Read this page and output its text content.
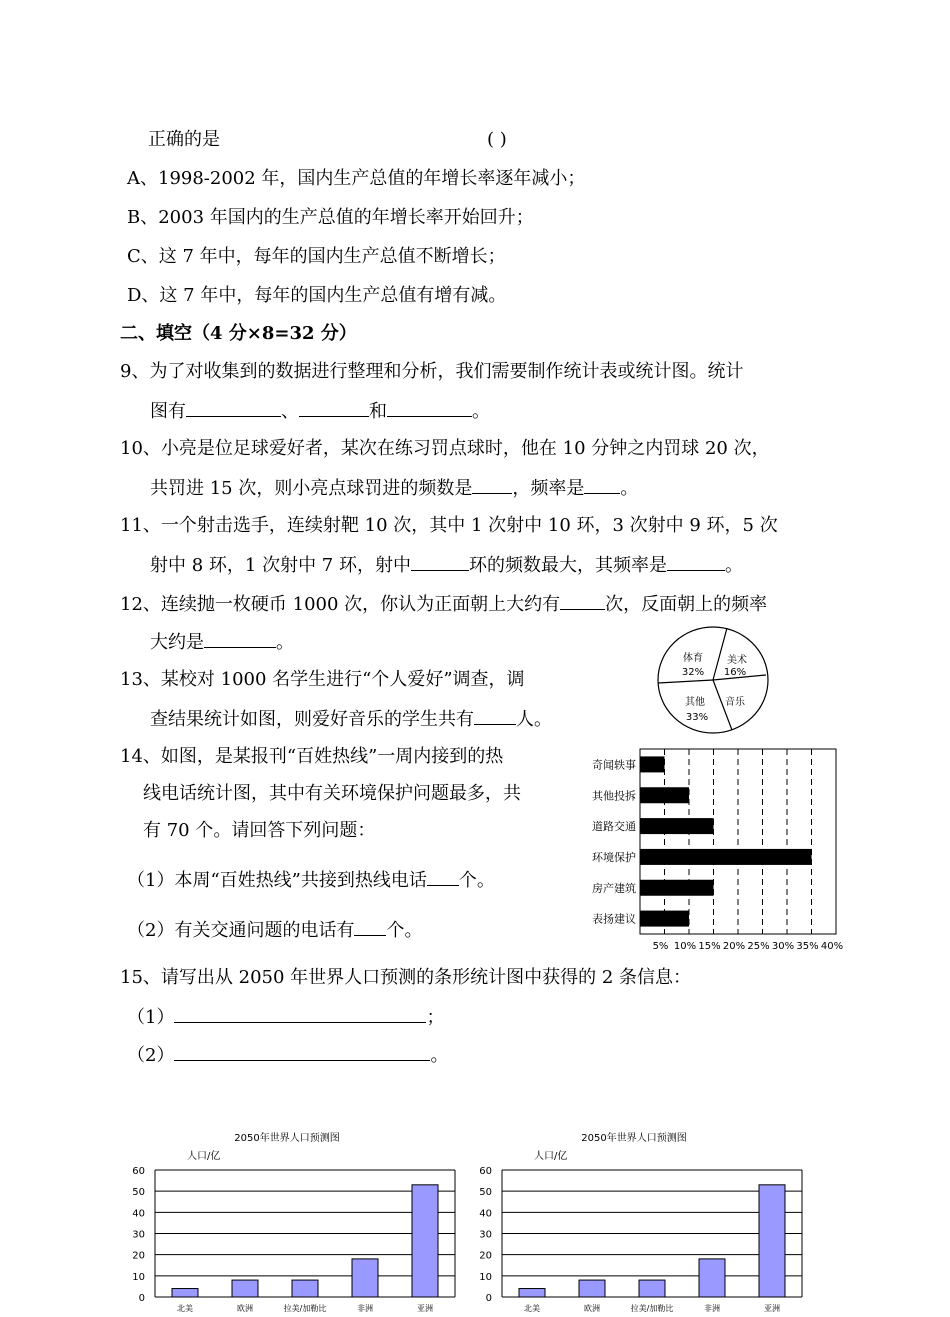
正确的是	( )
A、1998-2002 年，国内生产总值的年增长率逐年减小；
B、2003 年国内的生产总值的年增长率开始回升；
C、这 7 年中，每年的国内生产总值不断增长；
D、这 7 年中，每年的国内生产总值有增有减。
二、填空（4 分×8=32 分）
9、为了对收集到的数据进行整理和分析，我们需要制作统计表或统计图。统计
图有	、	和	。
10、小亮是位足球爱好者，某次在练习罚点球时，他在 10 分钟之内罚球 20 次，
共罚进 15 次，则小亮点球罚进的频数是 ，频率是 。
11、一个射击选手，连续射靶 10 次，其中 1 次射中 10 环，3 次射中 9 环，5 次
射中 8 环，1 次射中 7 环，射中	环的频数最大，其频率是	。
12、连续抛一枚硬币 1000 次，你认为正面朝上大约有	次，反面朝上的频率
大约是	。
13、某校对 1000 名学生进行“个人爱好”调查，调
查结果统计如图，则爱好音乐的学生共有 人。
体育
32%
美术
16%
音乐
其他
33%
14、如图，是某报刊“百姓热线”一周内接到的热
线电话统计图，其中有关环境保护问题最多，共
有 70 个。请回答下列问题：
（1）本周“百姓热线”共接到热线电话 个。
（2）有关交通问题的电话有 个。
奇闻轶事
其他投拆
道路交通
环境保护
房产建筑
表扬建议
5% 10% 15% 20% 25% 30% 35% 40%
15、请写出从 2050 年世界人口预测的条形统计图中获得的 2 条信息：
（1）	；
（2）	。
2050年世界人口预测图
人口/亿
0
10
20
30
40
50
60
北美	欧洲	拉美/加勒比	非洲	亚洲
2050年世界人口预测图
人口/亿
0
10
20
30
40
50
60
北美	欧洲	拉美/加勒比	非洲	亚洲
